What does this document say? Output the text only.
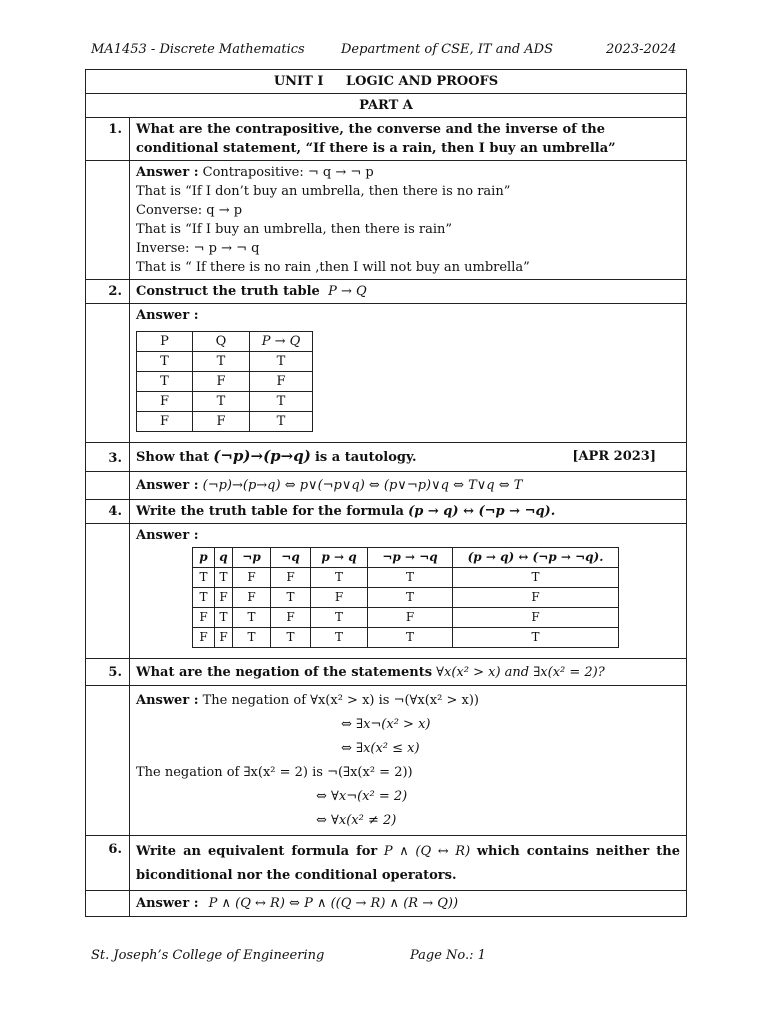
MA1453 - Discrete Mathematics	Department of CSE, IT and ADS	2023-2024
UNIT I     LOGIC AND PROOFS
PART A
1.	What are the contrapositive, the converse and the inverse of the conditional statement, “If there is a rain, then I buy an umbrella”

Answer : Contrapositive: ¬ q → ¬ p
That is “If I don’t buy an umbrella, then there is no rain”
Converse: q → p
That is “If I buy an umbrella, then there is rain”
Inverse: ¬ p → ¬ q
That is “ If there is no rain ,then I will not buy an umbrella”

2.	Construct the truth table P → Q

Answer :
P	Q	P → Q
T	T	T
T	F	F
F	T	T
F	F	T

3.	Show that (¬p)→(p→q) is a tautology.	[APR 2023]

	Answer : (¬p)→(p→q) ⇔ p∨(¬p∨q) ⇔ (p∨¬p)∨q ⇔ T∨q ⇔ T
4.	Write the truth table for the formula (p → q) ↔ (¬p → ¬q).

Answer :
p	q	¬p	¬q	p → q	¬p → ¬q	(p → q) ↔ (¬p → ¬q).
T	T	F	F	T	T	T
T	F	F	T	F	T	F
F	T	T	F	T	F	F
F	F	T	T	T	T	T

5.	What are the negation of the statements ∀x(x² > x) and ∃x(x² = 2)?

Answer : The negation of ∀x(x² > x) is ¬(∀x(x² > x))
⇔ ∃x¬(x² > x)
⇔ ∃x(x² ≤ x)
The negation of ∃x(x² = 2) is ¬(∃x(x² = 2))
⇔ ∀x¬(x² = 2)
⇔ ∀x(x² ≠ 2)

6.	Write an equivalent formula for P ∧ (Q ↔ R) which contains neither the biconditional nor the conditional operators.
	Answer : P ∧ (Q ↔ R) ⇔ P ∧ ((Q → R) ∧ (R → Q))
St. Joseph’s College of Engineering	Page No.: 1
